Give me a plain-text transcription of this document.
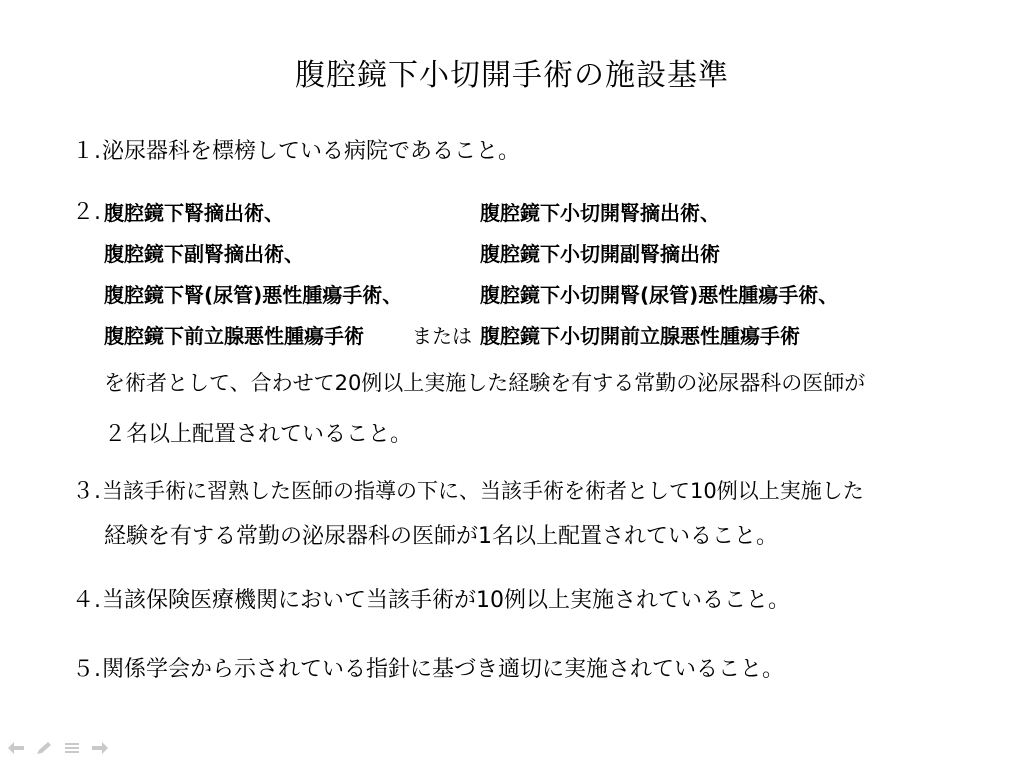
腹腔鏡下小切開手術の施設基準
１.泌尿器科を標榜している病院であること。
２. 腹腔鏡下腎摘出術、	腹腔鏡下小切開腎摘出術、
腹腔鏡下副腎摘出術、	腹腔鏡下小切開副腎摘出術
腹腔鏡下腎(尿管)悪性腫瘍手術、	腹腔鏡下小切開腎(尿管)悪性腫瘍手術、
腹腔鏡下前立腺悪性腫瘍手術 または 腹腔鏡下小切開前立腺悪性腫瘍手術
を術者として、合わせて20例以上実施した経験を有する常勤の泌尿器科の医師が
２名以上配置されていること。
３.当該手術に習熟した医師の指導の下に、当該手術を術者として10例以上実施した
経験を有する常勤の泌尿器科の医師が1名以上配置されていること。
４.当該保険医療機関において当該手術が10例以上実施されていること。
５.関係学会から示されている指針に基づき適切に実施されていること。
